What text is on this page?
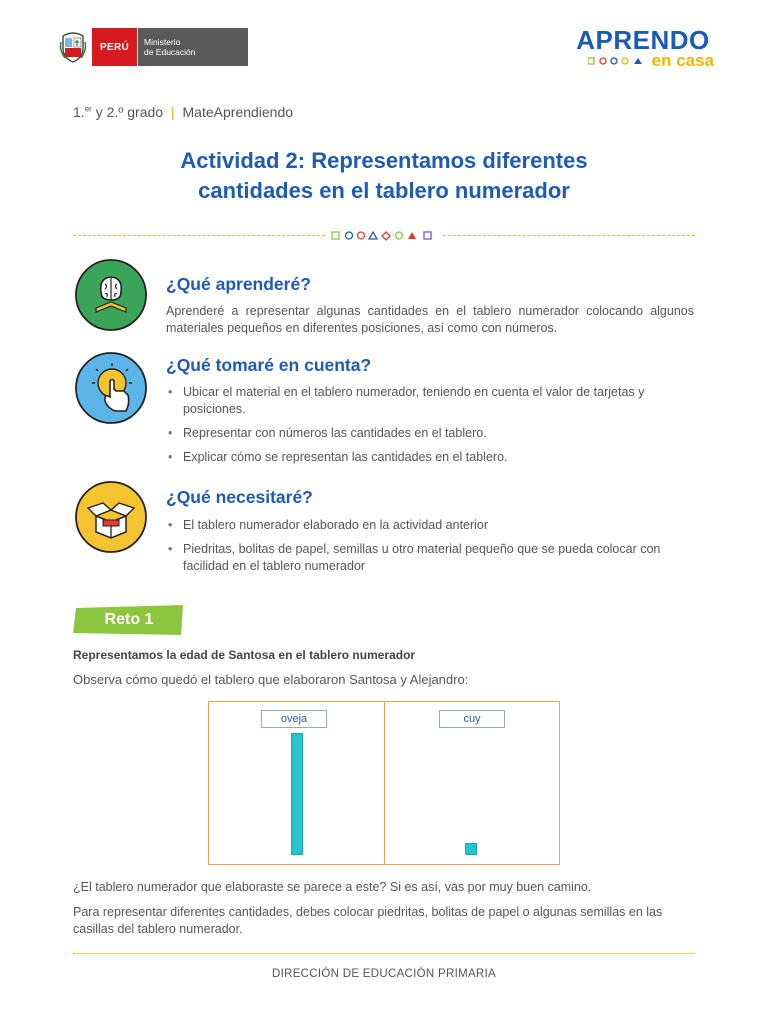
PERÚ	Ministerio
de Educación	APRENDO
en casa
1.$^{er}$ y 2.º grado | MateAprendiendo
Actividad 2: Representamos diferentes
cantidades en el tablero numerador
¿Qué aprenderé?
Aprenderé a representar algunas cantidades en el tablero numerador colocando algunos materiales pequeños en diferentes posiciones, así como con números.
¿Qué tomaré en cuenta?
• Ubicar el material en el tablero numerador, teniendo en cuenta el valor de tarjetas y posiciones.
• Representar con números las cantidades en el tablero.
• Explicar cómo se representan las cantidades en el tablero.
¿Qué necesitaré?
• El tablero numerador elaborado en la actividad anterior
• Piedritas, bolitas de papel, semillas u otro material pequeño que se pueda colocar con facilidad en el tablero numerador
Reto 1
Representamos la edad de Santosa en el tablero numerador
Observa cómo quedó el tablero que elaboraron Santosa y Alejandro:
oveja	cuy
¿El tablero numerador que elaboraste se parece a este? Si es así, vas por muy buen camino.
Para representar diferentes cantidades, debes colocar piedritas, bolitas de papel o algunas semillas en las casillas del tablero numerador.
DIRECCIÓN DE EDUCACIÓN PRIMARIA
